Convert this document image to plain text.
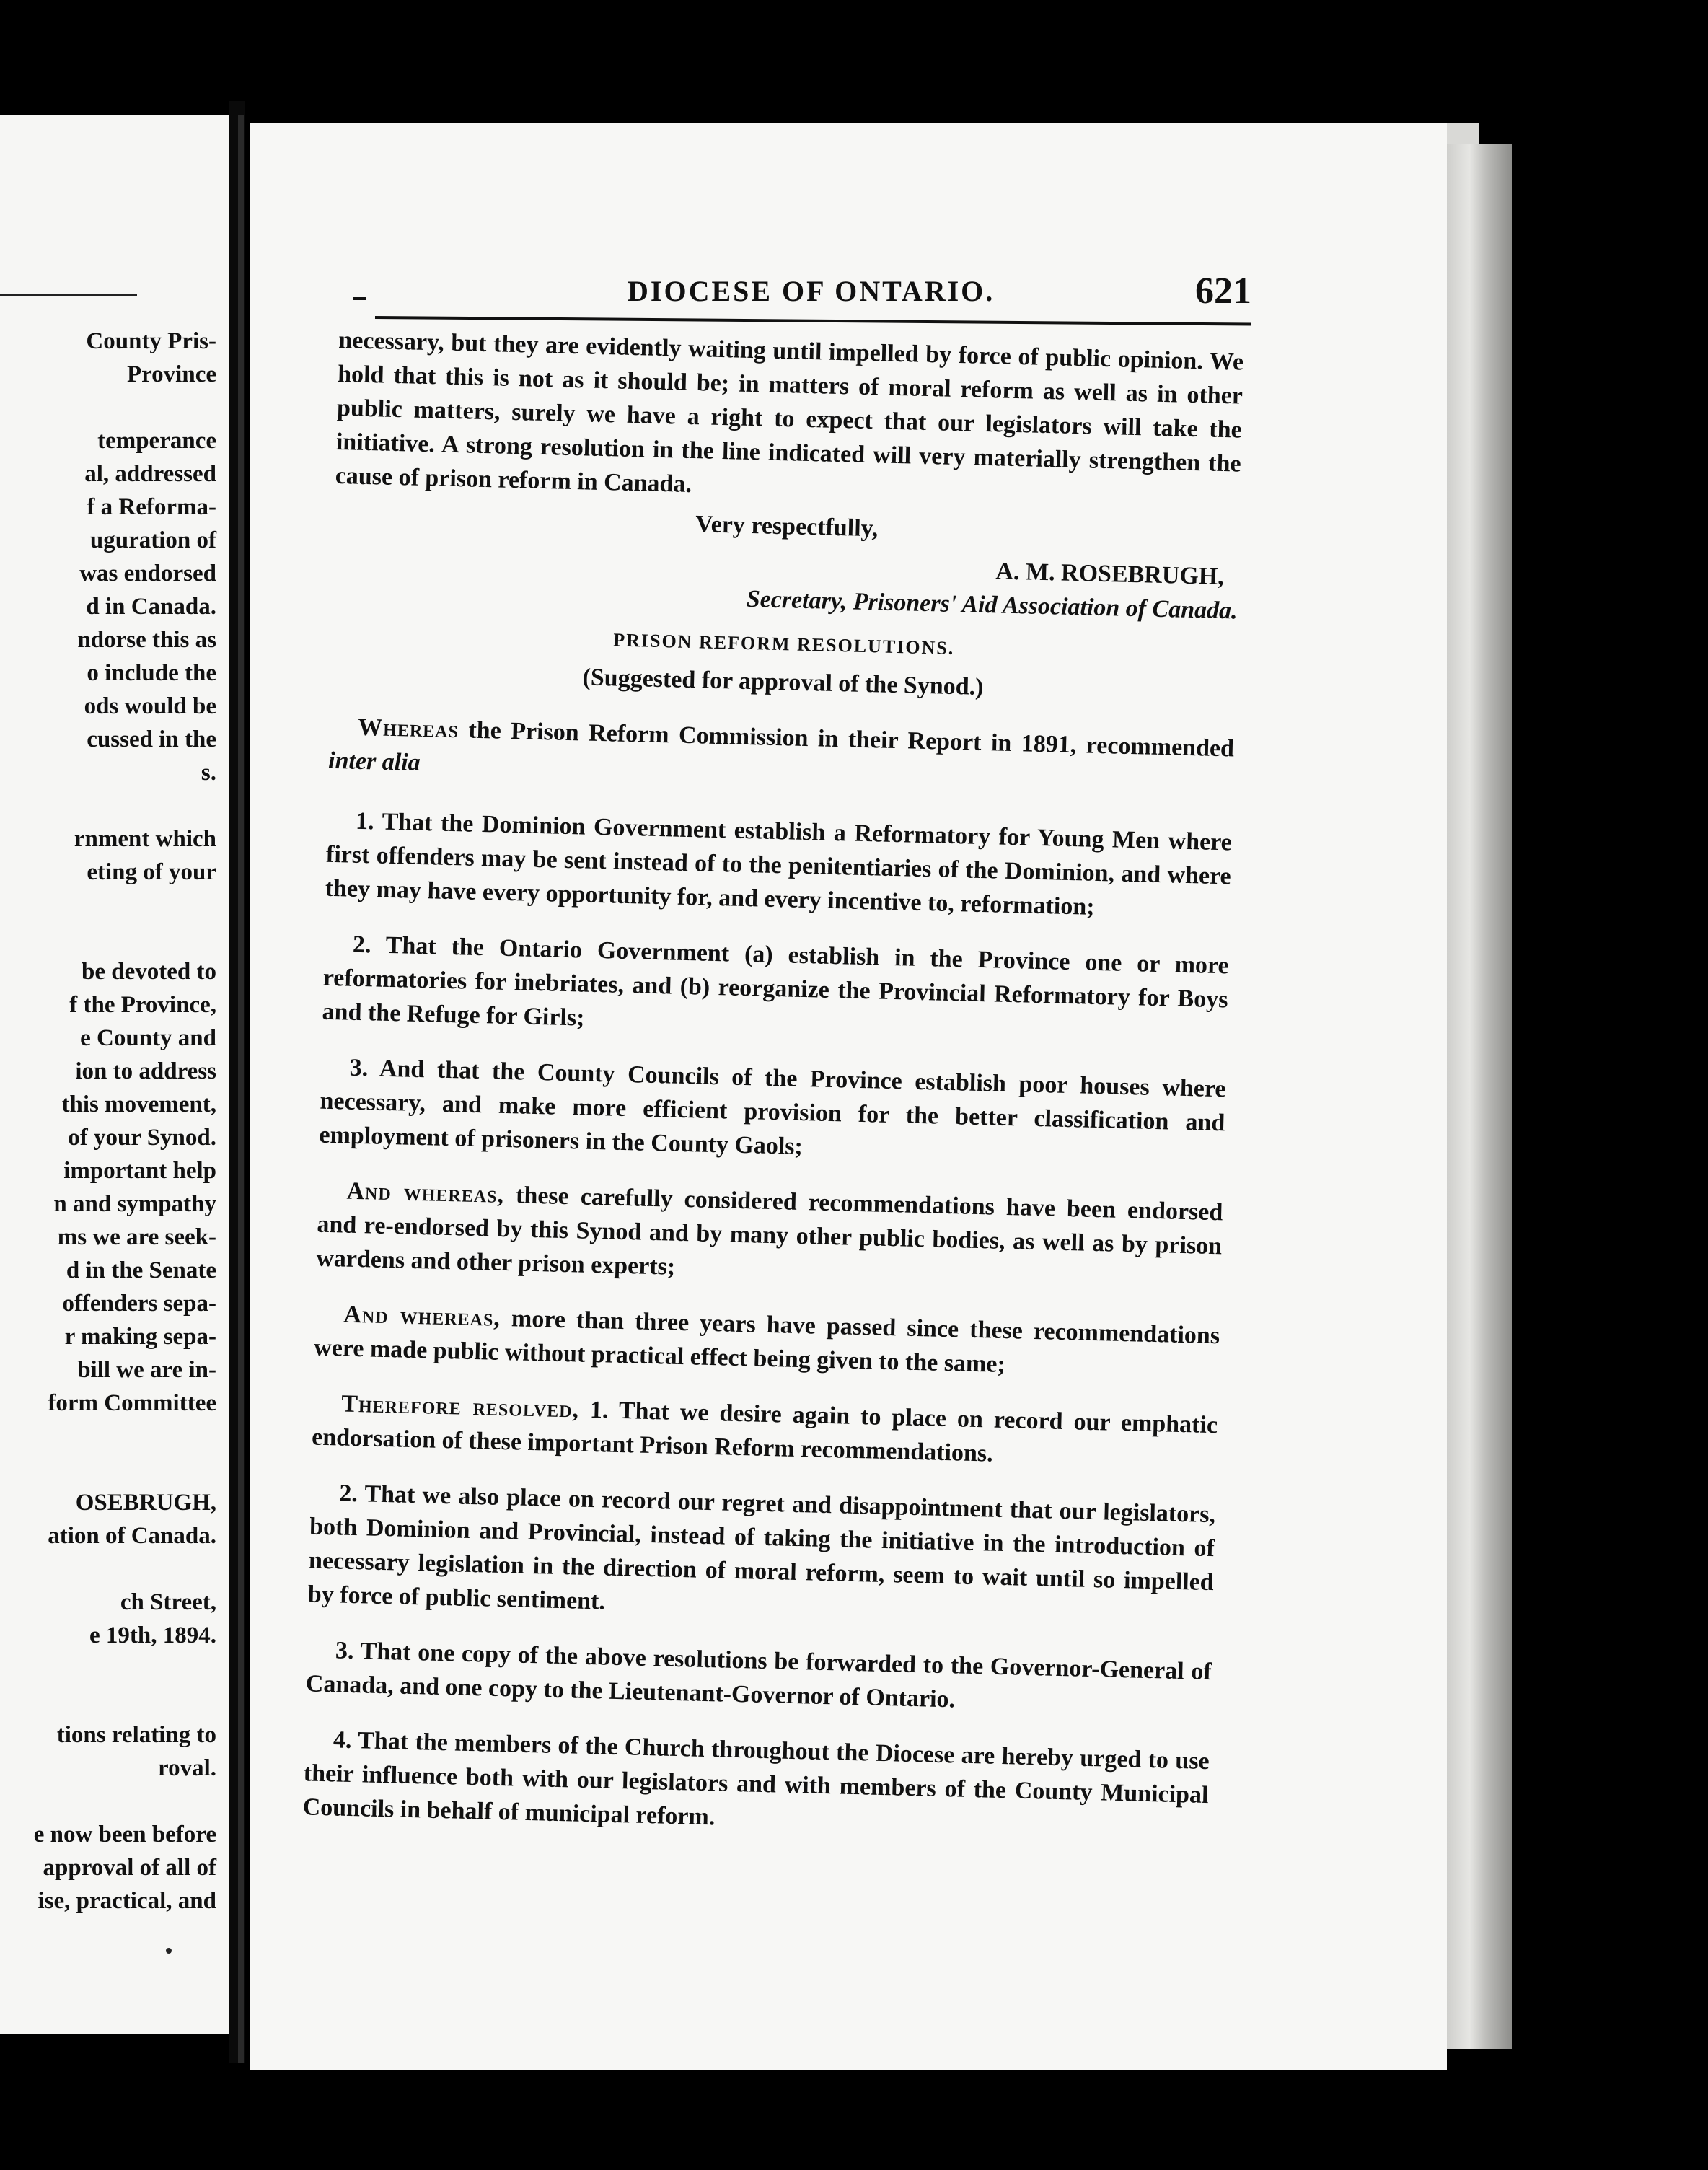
County Pris-
Province
temperance
al, addressed
f a Reforma-
uguration of
was endorsed
d in Canada.
ndorse this as
o include the
ods would be
cussed in the
s.
rnment which
eting of your
be devoted to
f the Province,
e County and
ion to address
this movement,
of your Synod.
important help
n and sympathy
ms we are seek-
d in the Senate
offenders sepa-
r making sepa-
bill we are in-
form Committee
OSEBRUGH,
ation of Canada.
ch Street,
e 19th, 1894.
tions relating to
roval.
e now been before
approval of all of
ise, practical, and
DIOCESE OF ONTARIO.	621

necessary, but they are evidently waiting until impelled by force of public opinion. We hold that this is not as it should be; in matters of moral reform as well as in other public matters, surely we have a right to expect that our legislators will take the initiative. A strong resolution in the line indicated will very materially strengthen the cause of prison reform in Canada.

Very respectfully,

A. M. ROSEBRUGH,

Secretary, Prisoners' Aid Association of Canada.

PRISON REFORM RESOLUTIONS.

(Suggested for approval of the Synod.)

Whereas the Prison Reform Commission in their Report in 1891, recommended inter alia

1. That the Dominion Government establish a Reformatory for Young Men where first offenders may be sent instead of to the penitentiaries of the Dominion, and where they may have every opportunity for, and every incentive to, reformation;

2. That the Ontario Government (a) establish in the Province one or more reformatories for inebriates, and (b) reorganize the Provincial Reformatory for Boys and the Refuge for Girls;

3. And that the County Councils of the Province establish poor houses where necessary, and make more efficient provision for the better classification and employment of prisoners in the County Gaols;

And whereas, these carefully considered recommendations have been endorsed and re-endorsed by this Synod and by many other public bodies, as well as by prison wardens and other prison experts;

And whereas, more than three years have passed since these recommendations were made public without practical effect being given to the same;

Therefore resolved, 1. That we desire again to place on record our emphatic endorsation of these important Prison Reform recommendations.

2. That we also place on record our regret and disappointment that our legislators, both Dominion and Provincial, instead of taking the initiative in the introduction of necessary legislation in the direction of moral reform, seem to wait until so impelled by force of public sentiment.

3. That one copy of the above resolutions be forwarded to the Governor-General of Canada, and one copy to the Lieutenant-Governor of Ontario.

4. That the members of the Church throughout the Diocese are hereby urged to use their influence both with our legislators and with members of the County Municipal Councils in behalf of municipal reform.
